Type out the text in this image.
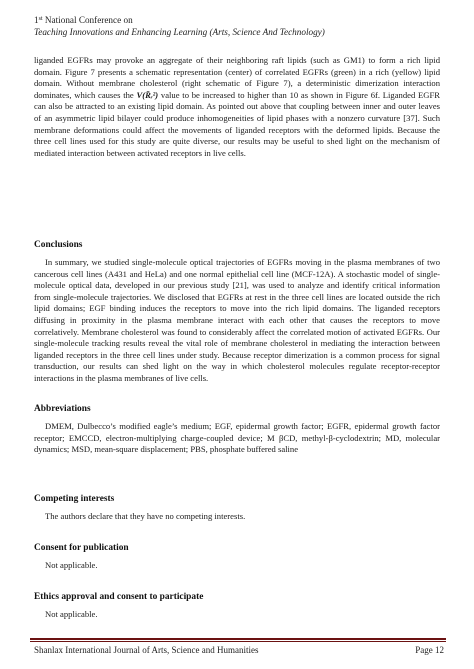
1st National Conference on
Teaching Innovations and Enhancing Learning (Arts, Science And Technology)

liganded EGFRs may provoke an aggregate of their neighboring raft lipids (such as GM1) to form a rich lipid domain. Figure 7 presents a schematic representation (center) of correlated EGFRs (green) in a rich (yellow) lipid domain. Without membrane cholesterol (right schematic of Figure 7), a deterministic dimerization interaction dominates, which causes the V(R̄ᵣ²) value to be increased to higher than 10 as shown in Figure 6f. Liganded EGFR can also be attracted to an existing lipid domain. As pointed out above that coupling between inner and outer leaves of an asymmetric lipid bilayer could produce inhomogeneities of lipid phases with a nonzero curvature [37]. Such membrane deformations could affect the movements of liganded receptors with the deformed lipids. Because the three cell lines used for this study are quite diverse, our results may be useful to shed light on the mechanism of mediated interaction between activated receptors in live cells.

Conclusions

In summary, we studied single-molecule optical trajectories of EGFRs moving in the plasma membranes of two cancerous cell lines (A431 and HeLa) and one normal epithelial cell line (MCF-12A). A stochastic model of single-molecule optical data, developed in our previous study [21], was used to analyze and identify critical information from single-molecule trajectories. We disclosed that EGFRs at rest in the three cell lines are located outside the rich lipid domains; EGF binding induces the receptors to move into the rich lipid domains. The liganded receptors diffusing in proximity in the plasma membrane interact with each other that causes the receptors to move correlatively. Membrane cholesterol was found to considerably affect the correlated motion of activated EGFRs. Our single-molecule tracking results reveal the vital role of membrane cholesterol in mediating the interaction between liganded receptors in the three cell lines under study. Because receptor dimerization is a common process for signal transduction, our results can shed light on the way in which cholesterol molecules regulate receptor-receptor interactions in the plasma membranes of live cells.

Abbreviations

DMEM, Dulbecco’s modified eagle’s medium; EGF, epidermal growth factor; EGFR, epidermal growth factor receptor; EMCCD, electron-multiplying charge-coupled device; M βCD, methyl-β-cyclodextrin; MD, molecular dynamics; MSD, mean-square displacement; PBS, phosphate buffered saline

Competing interests

The authors declare that they have no competing interests.

Consent for publication

Not applicable.

Ethics approval and consent to participate

Not applicable.

Shanlax International Journal of Arts, Science and Humanities	Page 12
